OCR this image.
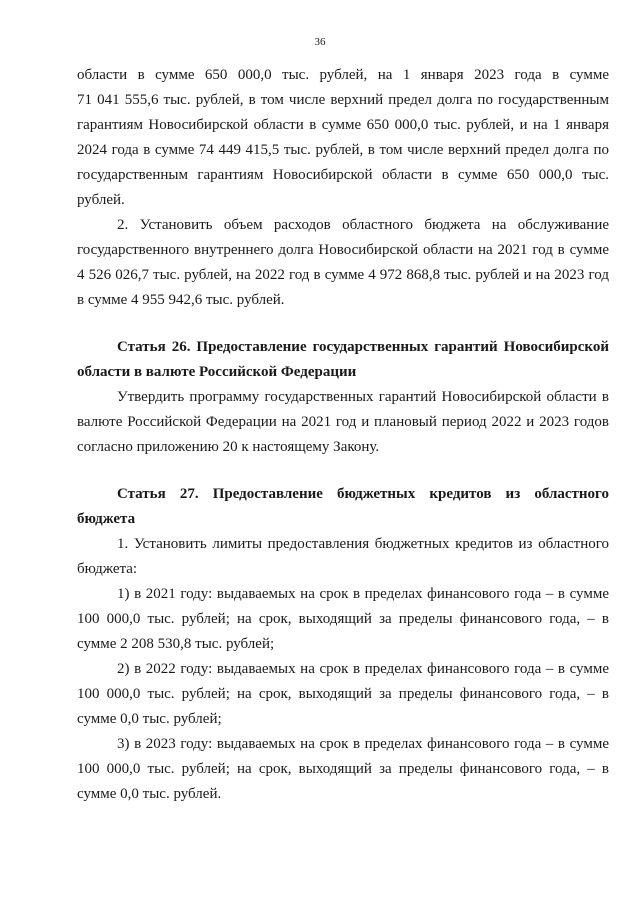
36
области в сумме 650 000,0 тыс. рублей, на 1 января 2023 года в сумме
71 041 555,6 тыс. рублей, в том числе верхний предел долга по государственным
гарантиям Новосибирской области в сумме 650 000,0 тыс. рублей, и на 1 января
2024 года в сумме 74 449 415,5 тыс. рублей, в том числе верхний предел долга по
государственным гарантиям Новосибирской области в сумме 650 000,0 тыс.
рублей.
2. Установить объем расходов областного бюджета на обслуживание
государственного внутреннего долга Новосибирской области на 2021 год в сумме
4 526 026,7 тыс. рублей, на 2022 год в сумме 4 972 868,8 тыс. рублей и на 2023 год
в сумме 4 955 942,6 тыс. рублей.
Статья 26. Предоставление государственных гарантий Новосибирской
области в валюте Российской Федерации
Утвердить программу государственных гарантий Новосибирской области в
валюте Российской Федерации на 2021 год и плановый период 2022 и 2023 годов
согласно приложению 20 к настоящему Закону.
Статья 27. Предоставление бюджетных кредитов из областного
бюджета
1. Установить лимиты предоставления бюджетных кредитов из областного
бюджета:
1) в 2021 году: выдаваемых на срок в пределах финансового года – в сумме
100 000,0 тыс. рублей; на срок, выходящий за пределы финансового года, – в
сумме 2 208 530,8 тыс. рублей;
2) в 2022 году: выдаваемых на срок в пределах финансового года – в сумме
100 000,0 тыс. рублей; на срок, выходящий за пределы финансового года, – в
сумме 0,0 тыс. рублей;
3) в 2023 году: выдаваемых на срок в пределах финансового года – в сумме
100 000,0 тыс. рублей; на срок, выходящий за пределы финансового года, – в
сумме 0,0 тыс. рублей.
